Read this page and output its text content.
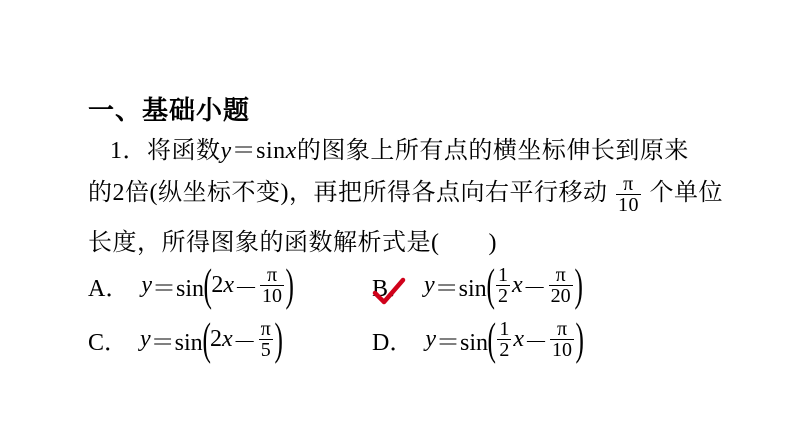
一、基础小题
1．将函数y＝sinx的图象上所有点的横坐标伸长到原来
的2倍(纵坐标不变)，再把所得各点向右平行移动 $\frac{\pi}{10}$ 个单位
长度，所得图象的函数解析式是(　　)
A． y ＝sin ( 2 $x - \frac{\pi}{10}$ )	B． y ＝sin ( $\frac{1}{2}$ $x - \frac{\pi}{20}$ )
C． y ＝sin ( 2 $x - \frac{\pi}{5}$ )	D． y ＝sin ( $\frac{1}{2}$ $x - \frac{\pi}{10}$ )
